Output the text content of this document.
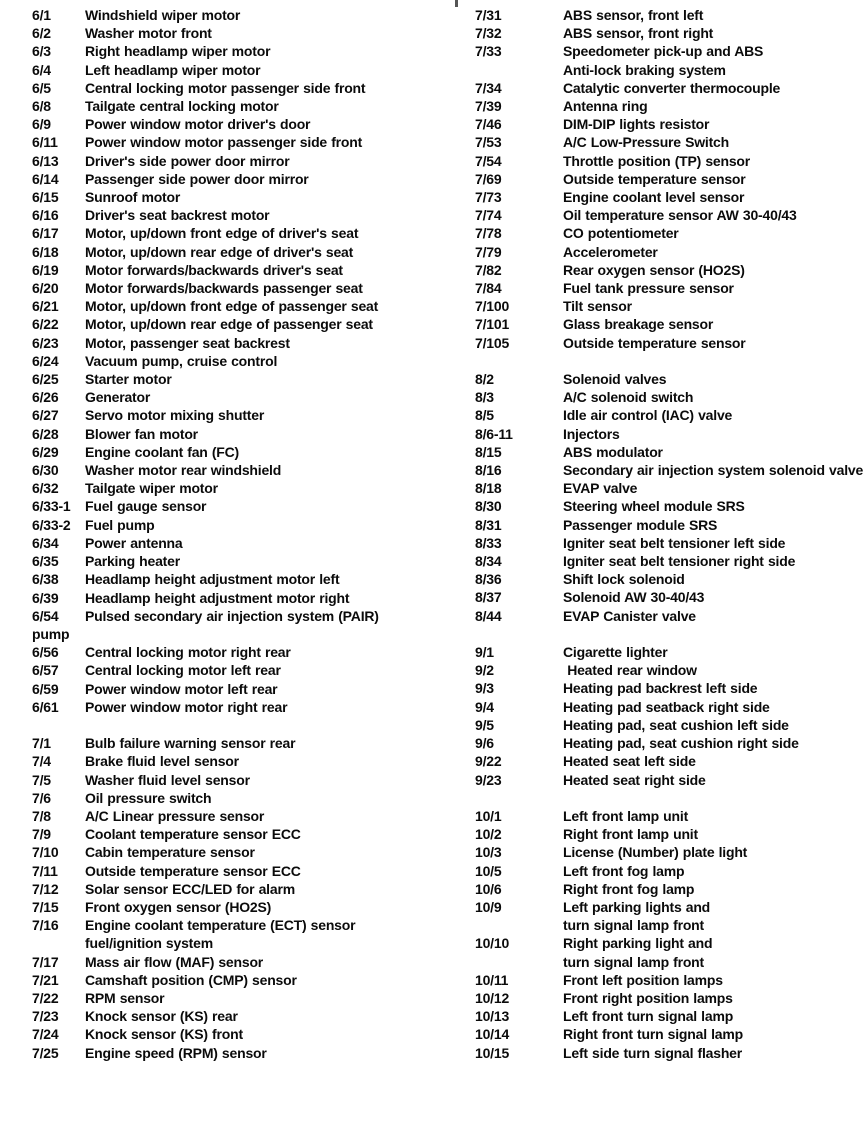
6/1	Windshield wiper motor
6/2	Washer motor front
6/3	Right headlamp wiper motor
6/4	Left headlamp wiper motor
6/5	Central locking motor passenger side front
6/8	Tailgate central locking motor
6/9	Power window motor driver's door
6/11	Power window motor passenger side front
6/13	Driver's side power door mirror
6/14	Passenger side power door mirror
6/15	Sunroof motor
6/16	Driver's seat backrest motor
6/17	Motor, up/down front edge of driver's seat
6/18	Motor, up/down rear edge of driver's seat
6/19	Motor forwards/backwards driver's seat
6/20	Motor forwards/backwards passenger seat
6/21	Motor, up/down front edge of passenger seat
6/22	Motor, up/down rear edge of passenger seat
6/23	Motor, passenger seat backrest
6/24	Vacuum pump, cruise control
6/25	Starter motor
6/26	Generator
6/27	Servo motor mixing shutter
6/28	Blower fan motor
6/29	Engine coolant fan (FC)
6/30	Washer motor rear windshield
6/32	Tailgate wiper motor
6/33-1	Fuel gauge sensor
6/33-2	Fuel pump
6/34	Power antenna
6/35	Parking heater
6/38	Headlamp height adjustment motor left
6/39	Headlamp height adjustment motor right
6/54	Pulsed secondary air injection system (PAIR)
pump
6/56	Central locking motor right rear
6/57	Central locking motor left rear
6/59	Power window motor left rear
6/61	Power window motor right rear
7/1	Bulb failure warning sensor rear
7/4	Brake fluid level sensor
7/5	Washer fluid level sensor
7/6	Oil pressure switch
7/8	A/C Linear pressure sensor
7/9	Coolant temperature sensor ECC
7/10	Cabin temperature sensor
7/11	Outside temperature sensor ECC
7/12	Solar sensor ECC/LED for alarm
7/15	Front oxygen sensor (HO2S)
7/16	Engine coolant temperature (ECT) sensor
fuel/ignition system
7/17	Mass air flow (MAF) sensor
7/21	Camshaft position (CMP) sensor
7/22	RPM sensor
7/23	Knock sensor (KS) rear
7/24	Knock sensor (KS) front
7/25	Engine speed (RPM) sensor
7/31	ABS sensor, front left
7/32	ABS sensor, front right
7/33	Speedometer pick-up and ABS
Anti-lock braking system
7/34	Catalytic converter thermocouple
7/39	Antenna ring
7/46	DIM-DIP lights resistor
7/53	A/C Low-Pressure Switch
7/54	Throttle position (TP) sensor
7/69	Outside temperature sensor
7/73	Engine coolant level sensor
7/74	Oil temperature sensor AW 30-40/43
7/78	CO potentiometer
7/79	Accelerometer
7/82	Rear oxygen sensor (HO2S)
7/84	Fuel tank pressure sensor
7/100	Tilt sensor
7/101	Glass breakage sensor
7/105	Outside temperature sensor
8/2	Solenoid valves
8/3	A/C solenoid switch
8/5	Idle air control (IAC) valve
8/6-11	Injectors
8/15	ABS modulator
8/16	Secondary air injection system solenoid valve
8/18	EVAP valve
8/30	Steering wheel module SRS
8/31	Passenger module SRS
8/33	Igniter seat belt tensioner left side
8/34	Igniter seat belt tensioner right side
8/36	Shift lock solenoid
8/37	Solenoid AW 30-40/43
8/44	EVAP Canister valve
9/1	Cigarette lighter
9/2	Heated rear window
9/3	Heating pad backrest left side
9/4	Heating pad seatback right side
9/5	Heating pad, seat cushion left side
9/6	Heating pad, seat cushion right side
9/22	Heated seat left side
9/23	Heated seat right side
10/1	Left front lamp unit
10/2	Right front lamp unit
10/3	License (Number) plate light
10/5	Left front fog lamp
10/6	Right front fog lamp
10/9	Left parking lights and
turn signal lamp front
10/10	Right parking light and
turn signal lamp front
10/11	Front left position lamps
10/12	Front right position lamps
10/13	Left front turn signal lamp
10/14	Right front turn signal lamp
10/15	Left side turn signal flasher
